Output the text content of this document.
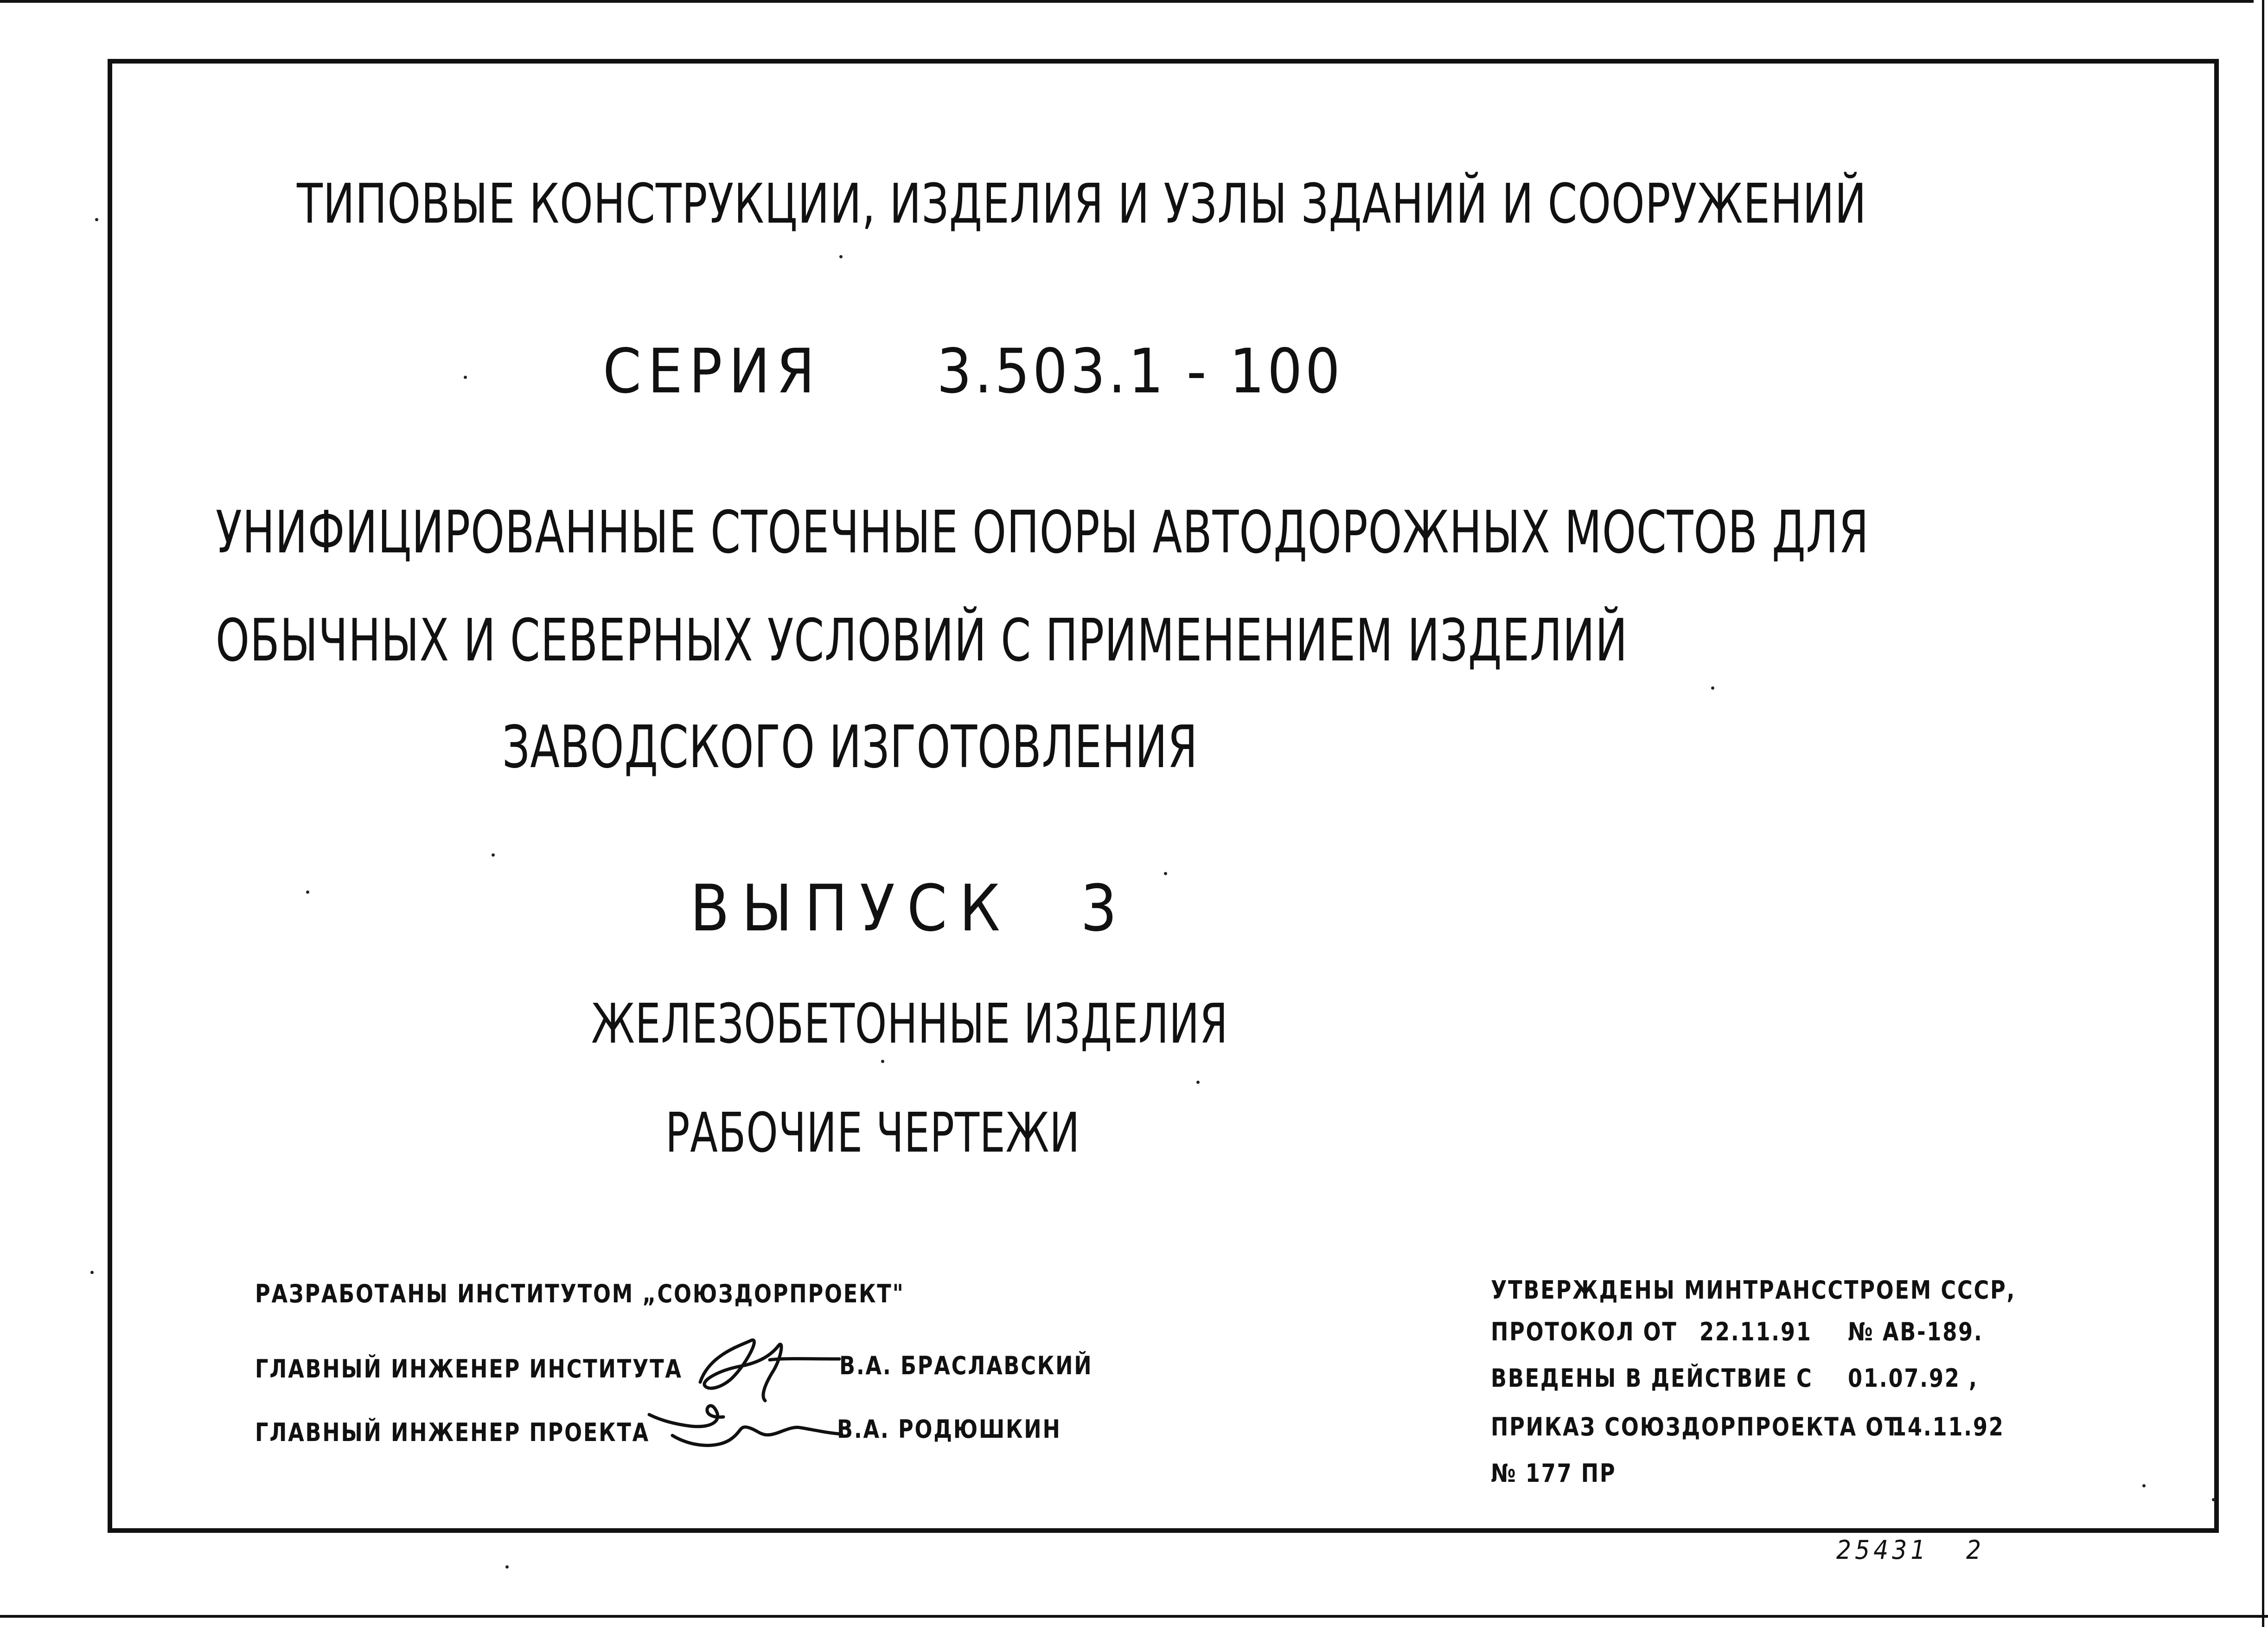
ТИПОВЫЕ КОНСТРУКЦИИ, ИЗДЕЛИЯ И УЗЛЫ ЗДАНИЙ И СООРУЖЕНИЙ
СЕРИЯ 3.503.1 - 100
УНИФИЦИРОВАННЫЕ СТОЕЧНЫЕ ОПОРЫ АВТОДОРОЖНЫХ МОСТОВ ДЛЯ
ОБЫЧНЫХ И СЕВЕРНЫХ УСЛОВИЙ С ПРИМЕНЕНИЕМ ИЗДЕЛИЙ
ЗАВОДСКОГО ИЗГОТОВЛЕНИЯ
ВЫПУСК 3
ЖЕЛЕЗОБЕТОННЫЕ ИЗДЕЛИЯ
РАБОЧИЕ ЧЕРТЕЖИ
РАЗРАБОТАНЫ ИНСТИТУТОМ „СОЮЗДОРПРОЕКТ"
ГЛАВНЫЙ ИНЖЕНЕР ИНСТИТУТА	В.А. БРАСЛАВСКИЙ
ГЛАВНЫЙ ИНЖЕНЕР ПРОЕКТА	В.А. РОДЮШКИН
УТВЕРЖДЕНЫ МИНТРАНССТРОЕМ СССР,
ПРОТОКОЛ ОТ 22.11.91 № АВ-189.
ВВЕДЕНЫ В ДЕЙСТВИЕ С 01.07.92 ,
ПРИКАЗ СОЮЗДОРПРОЕКТА ОТ
14.11.92
№ 177 ПР
25431 2
